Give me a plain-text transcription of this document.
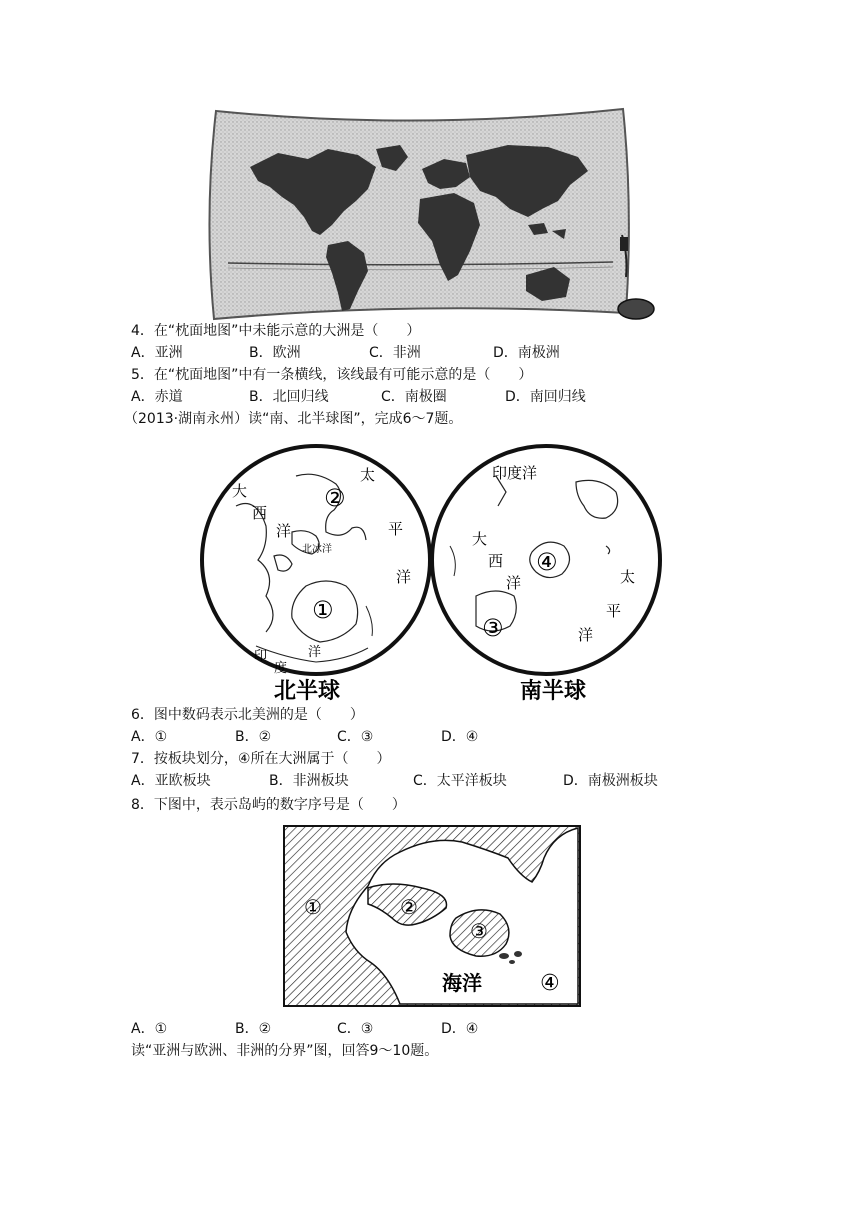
4．在“枕面地图”中未能示意的大洲是（　　）
A．亚洲	B．欧洲	C．非洲	D．南极洲
5．在“枕面地图”中有一条横线，该线最有可能示意的是（　　）
A．赤道	B．北回归线	C．南极圈	D．南回归线
（2013·湖南永州）读“南、北半球图”，完成6～7题。
大
西
洋
太
平
洋
北冰洋
印
度
洋
②
①
北半球
印度洋
大
西
洋	太
平
洋
④
③
南半球
6．图中数码表示北美洲的是（　　）
A．①	B．②	C．③	D．④
7．按板块划分，④所在大洲属于（　　）
A．亚欧板块	B．非洲板块	C．太平洋板块	D．南极洲板块
8．下图中，表示岛屿的数字序号是（　　）
①	②
③
④
海洋
A．①	B．②	C．③	D．④
读“亚洲与欧洲、非洲的分界”图，回答9～10题。
